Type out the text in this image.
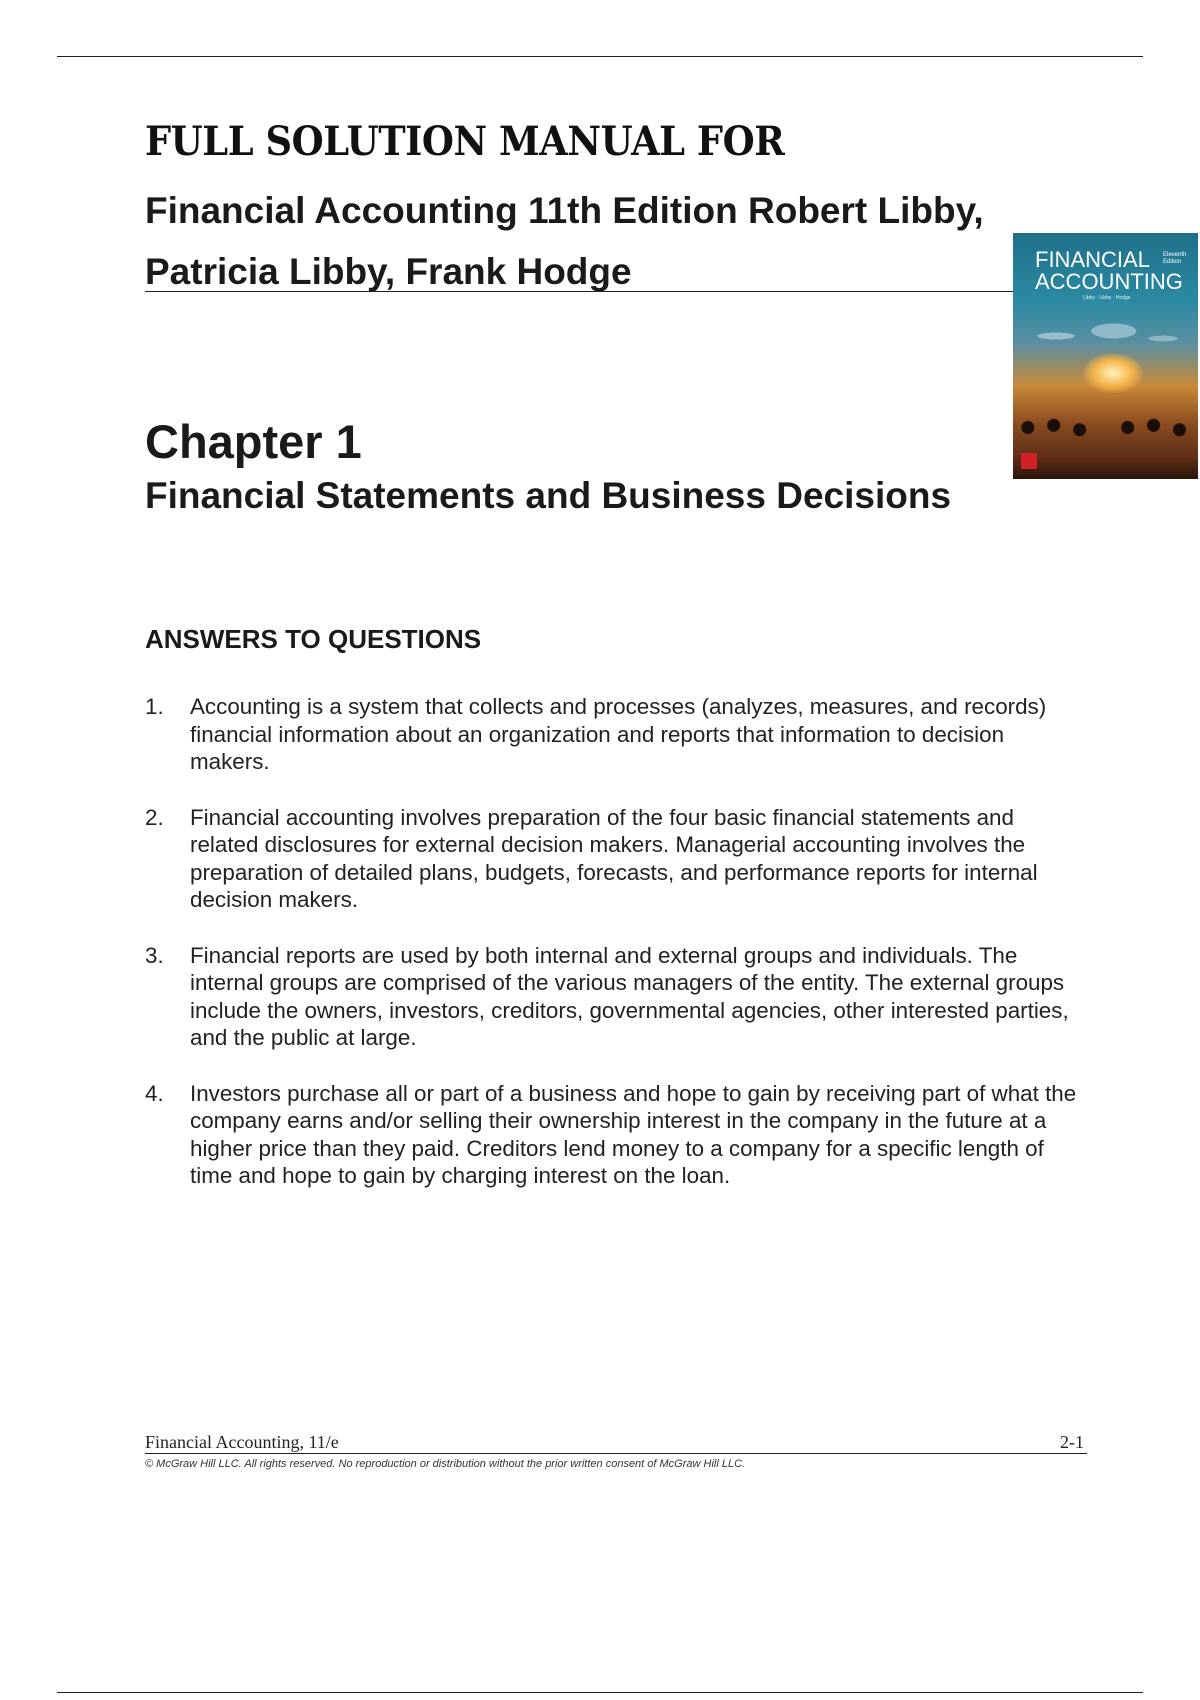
FULL SOLUTION MANUAL FOR
Financial Accounting 11th Edition Robert Libby, Patricia Libby, Frank Hodge	FINANCIAL
ACCOUNTING
Eleventh
Edition
Libby · Libby · Hodge
Chapter 1
Financial Statements and Business Decisions
ANSWERS TO QUESTIONS
1. Accounting is a system that collects and processes (analyzes, measures, and records) financial information about an organization and reports that information to decision makers.
2. Financial accounting involves preparation of the four basic financial statements and related disclosures for external decision makers. Managerial accounting involves the preparation of detailed plans, budgets, forecasts, and performance reports for internal decision makers.
3. Financial reports are used by both internal and external groups and individuals. The internal groups are comprised of the various managers of the entity. The external groups include the owners, investors, creditors, governmental agencies, other interested parties, and the public at large.
4. Investors purchase all or part of a business and hope to gain by receiving part of what the company earns and/or selling their ownership interest in the company in the future at a higher price than they paid. Creditors lend money to a company for a specific length of time and hope to gain by charging interest on the loan.
Financial Accounting, 11/e	2-1
© McGraw Hill LLC. All rights reserved. No reproduction or distribution without the prior written consent of McGraw Hill LLC.
